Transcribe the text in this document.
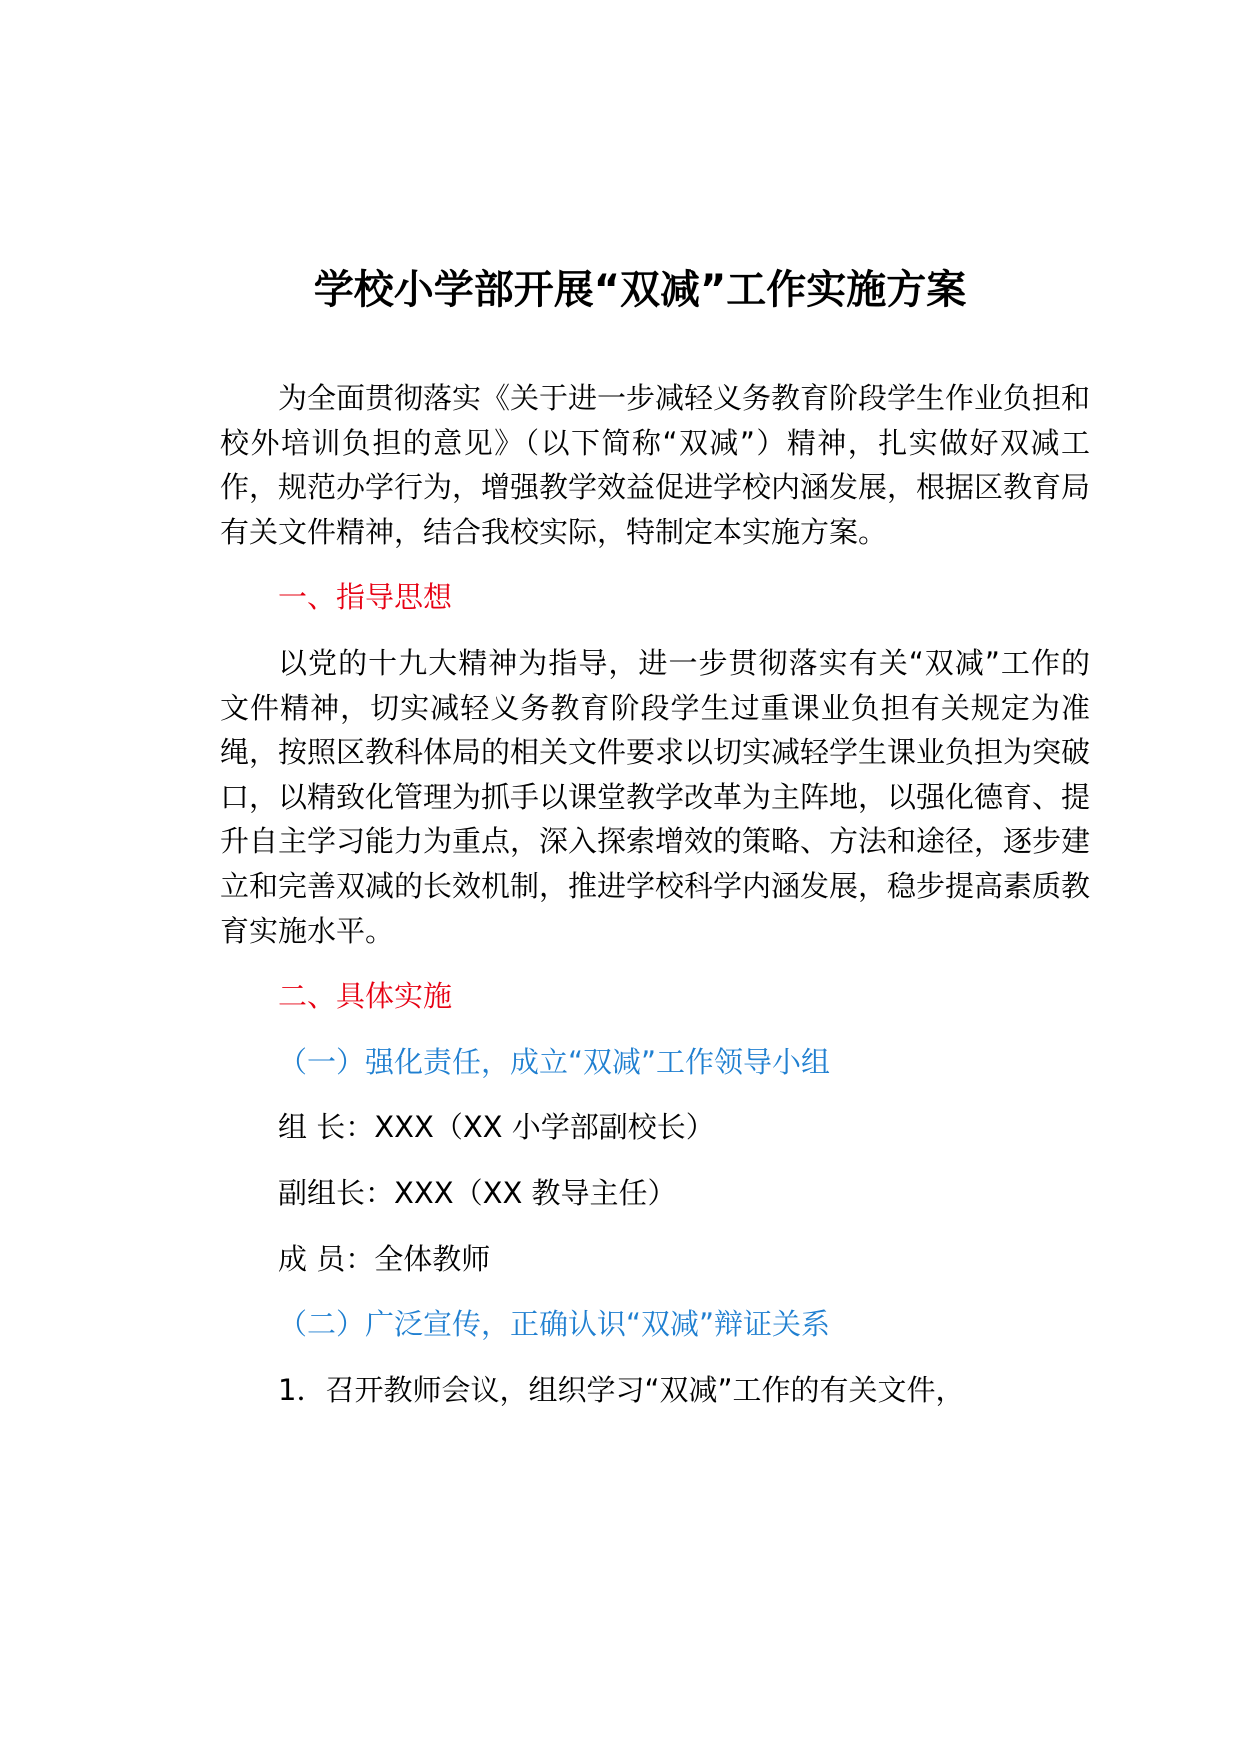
学校小学部开展“双减”工作实施方案

为全面贯彻落实《关于进一步减轻义务教育阶段学生作业负担和校外培训负担的意见》（以下简称“双减”）精神，扎实做好双减工作，规范办学行为，增强教学效益促进学校内涵发展，根据区教育局有关文件精神，结合我校实际，特制定本实施方案。

一、指导思想

以党的十九大精神为指导，进一步贯彻落实有关“双减”工作的文件精神，切实减轻义务教育阶段学生过重课业负担有关规定为准绳，按照区教科体局的相关文件要求以切实减轻学生课业负担为突破口，以精致化管理为抓手以课堂教学改革为主阵地，以强化德育、提升自主学习能力为重点，深入探索增效的策略、方法和途径，逐步建立和完善双减的长效机制，推进学校科学内涵发展，稳步提高素质教育实施水平。

二、具体实施

（一）强化责任，成立“双减”工作领导小组

组 长：XXX（XX 小学部副校长）

副组长：XXX（XX 教导主任）

成 员：全体教师

（二）广泛宣传，正确认识“双减”辩证关系

1．召开教师会议，组织学习“双减”工作的有关文件，
